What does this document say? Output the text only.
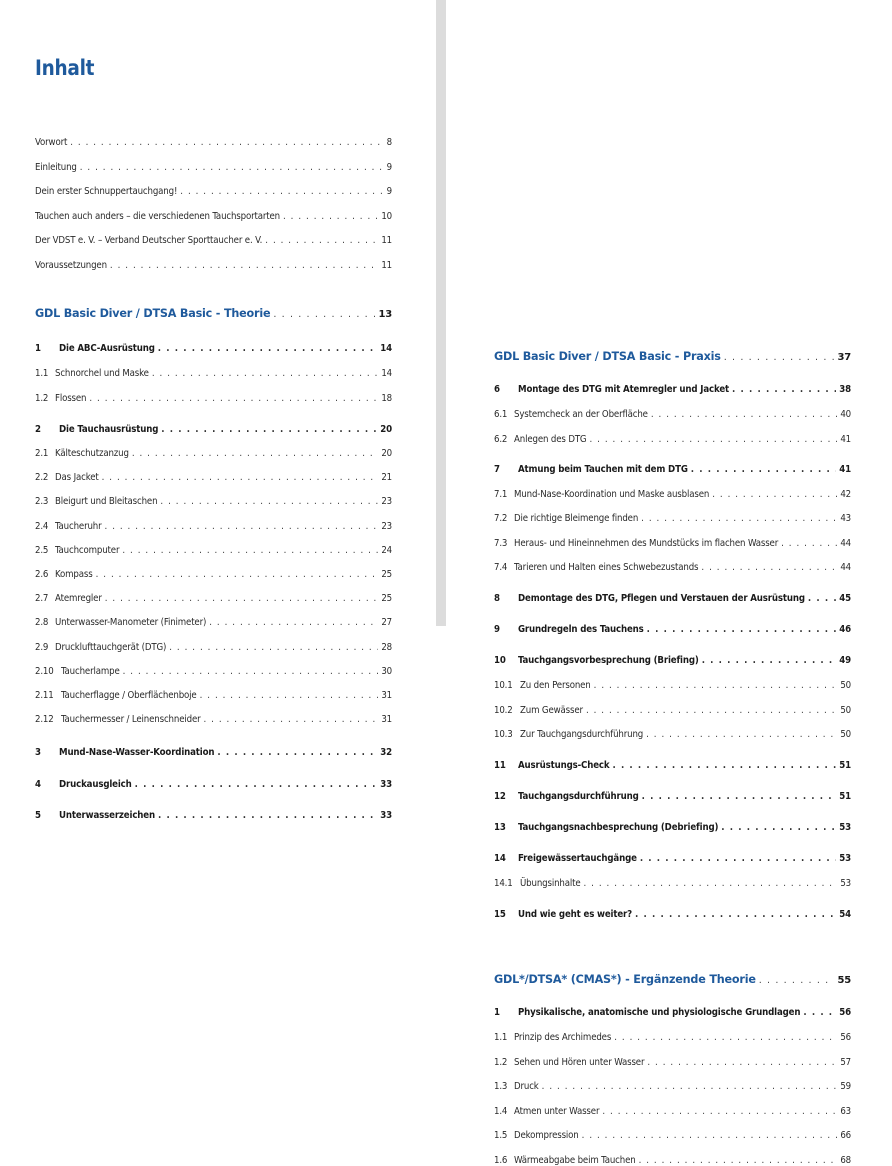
Inhalt
Vorwort . . .	8
Einleitung . . .	9
Dein erster Schnuppertauchgang! . . .	9
Tauchen auch anders – die verschiedenen Tauchsportarten . . .	10
Der VDST e. V. – Verband Deutscher Sporttaucher e. V. . . .	11
Voraussetzungen . . .	11
GDL Basic Diver / DTSA Basic - Theorie . . .	13
1	Die ABC-Ausrüstung . . .	14
1.1 Schnorchel und Maske . . .	14
1.2 Flossen . . .	18
2	Die Tauchausrüstung . . .	20
2.1 Kälteschutzanzug . . .	20
2.2 Das Jacket . . .	21
2.3 Bleigurt und Bleitaschen . . .	23
2.4 Taucheruhr . . .	23
2.5 Tauchcomputer . . .	24
2.6 Kompass . . .	25
2.7 Atemregler . . .	25
2.8 Unterwasser-Manometer (Finimeter) . . .	27
2.9 Drucklufttauchgerät (DTG) . . .	28
2.10 Taucherlampe . . .	30
2.11 Taucherflagge / Oberflächenboje . . .	31
2.12 Tauchermesser / Leinenschneider . . .	31
3	Mund-Nase-Wasser-Koordination . . .	32
4	Druckausgleich . . .	33
5	Unterwasserzeichen . . .	33
GDL Basic Diver / DTSA Basic - Praxis . . .	37
6	Montage des DTG mit Atemregler und Jacket . . .	38
6.1 Systemcheck an der Oberfläche . . .	40
6.2 Anlegen des DTG . . .	41
7	Atmung beim Tauchen mit dem DTG . . .	41
7.1 Mund-Nase-Koordination und Maske ausblasen . . .	42
7.2 Die richtige Bleimenge finden . . .	43
7.3 Heraus- und Hineinnehmen des Mundstücks im flachen Wasser . . .	44
7.4 Tarieren und Halten eines Schwebezustands . . .	44
8	Demontage des DTG, Pflegen und Verstauen der Ausrüstung . . .	45
9	Grundregeln des Tauchens . . .	46
10	Tauchgangsvorbesprechung (Briefing) . . .	49
10.1 Zu den Personen . . .	50
10.2 Zum Gewässer . . .	50
10.3 Zur Tauchgangsdurchführung . . .	50
11	Ausrüstungs-Check . . .	51
12	Tauchgangsdurchführung . . .	51
13	Tauchgangsnachbesprechung (Debriefing) . . .	53
14	Freigewässertauchgänge . . .	53
14.1 Übungsinhalte . . .	53
15	Und wie geht es weiter? . . .	54
GDL*/DTSA* (CMAS*) - Ergänzende Theorie . . .	55
1	Physikalische, anatomische und physiologische Grundlagen . . .	56
1.1 Prinzip des Archimedes . . .	56
1.2 Sehen und Hören unter Wasser . . .	57
1.3 Druck . . .	59
1.4 Atmen unter Wasser . . .	63
1.5 Dekompression . . .	66
1.6 Wärmeabgabe beim Tauchen . . .	68
